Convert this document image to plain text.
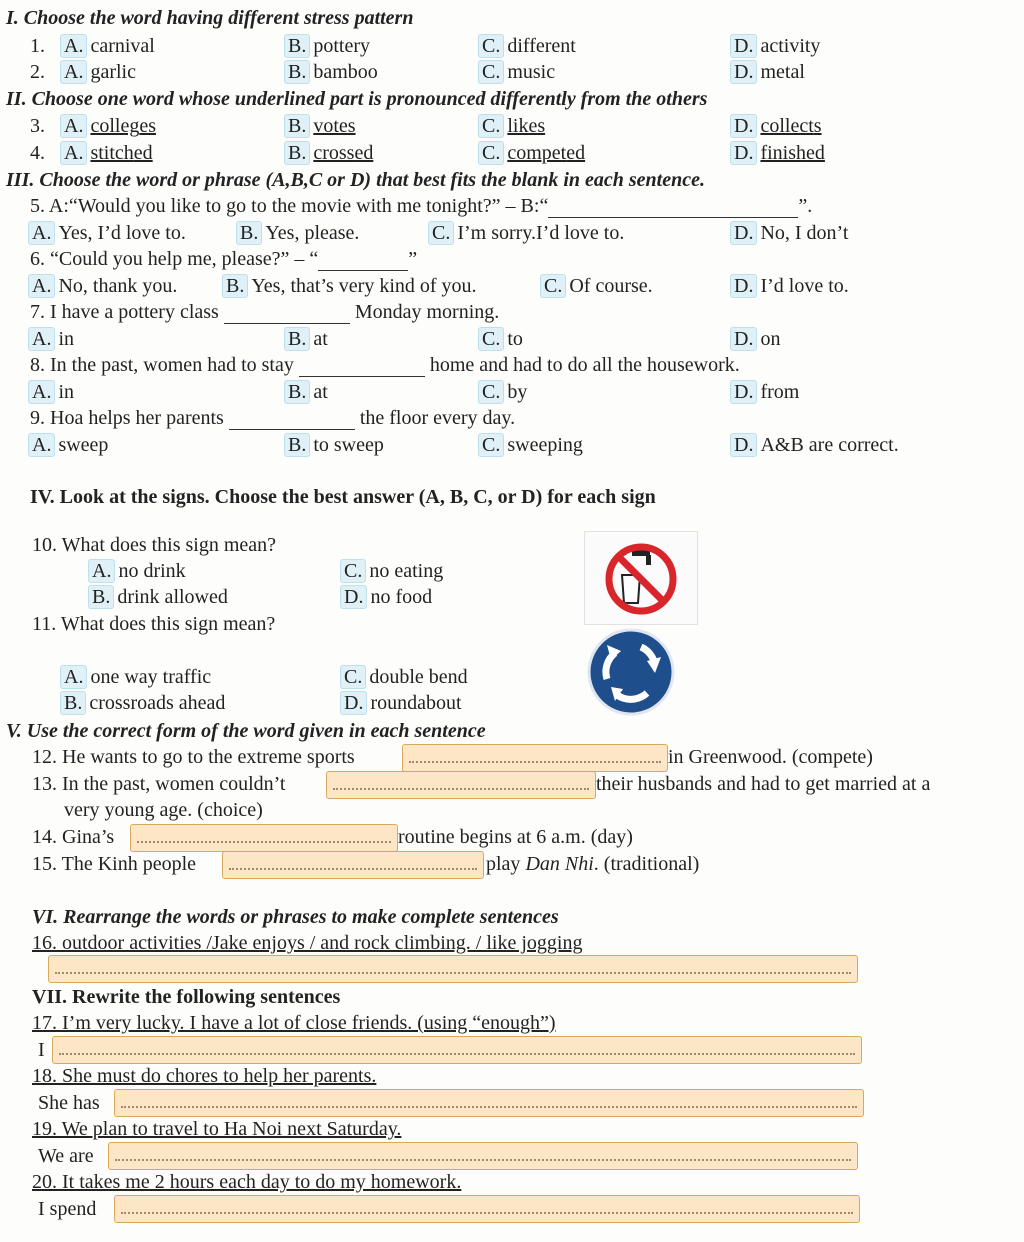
I. Choose the word having different stress pattern
1. A. carnival	B. pottery	C. different	D. activity
2. A. garlic	B. bamboo	C. music	D. metal
II. Choose one word whose underlined part is pronounced differently from the others
3. A. colleges	B. votes	C. likes	D. collects
4. A. stitched	B. crossed	C. competed	D. finished
III. Choose the word or phrase (A,B,C or D) that best fits the blank in each sentence.
5. A:“Would you like to go to the movie with me tonight?” – B:“	”.
A. Yes, I’d love to.	B. Yes, please.	C. I’m sorry.I’d love to.	D. No, I don’t
6. “Could you help me, please?” – “	”
A. No, thank you. B. Yes, that’s very kind of you.	C. Of course.	D. I’d love to.
7. I have a pottery class	Monday morning.
A. in	B. at	C. to	D. on
8. In the past, women had to stay	home and had to do all the housework.
A. in	B. at	C. by	D. from
9. Hoa helps her parents	the floor every day.
A. sweep	B. to sweep	C. sweeping	D. A&B are correct.
IV. Look at the signs. Choose the best answer (A, B, C, or D) for each sign
10. What does this sign mean?
A. no drink
B. drink allowed
C. no eating
D. no food
11. What does this sign mean?
A. one way traffic
B. crossroads ahead
C. double bend
D. roundabout
V. Use the correct form of the word given in each sentence
12. He wants to go to the extreme sports	in Greenwood. (compete)
13. In the past, women couldn’t	their husbands and had to get married at a
very young age. (choice)
14. Gina’s	routine begins at 6 a.m. (day)
15. The Kinh people	play Dan Nhi. (traditional)
VI. Rearrange the words or phrases to make complete sentences
16. outdoor activities /Jake enjoys / and rock climbing. / like jogging
VII. Rewrite the following sentences
17. I’m very lucky. I have a lot of close friends. (using “enough”)
I
18. She must do chores to help her parents.
She has
19. We plan to travel to Ha Noi next Saturday.
We are
20. It takes me 2 hours each day to do my homework.
I spend
